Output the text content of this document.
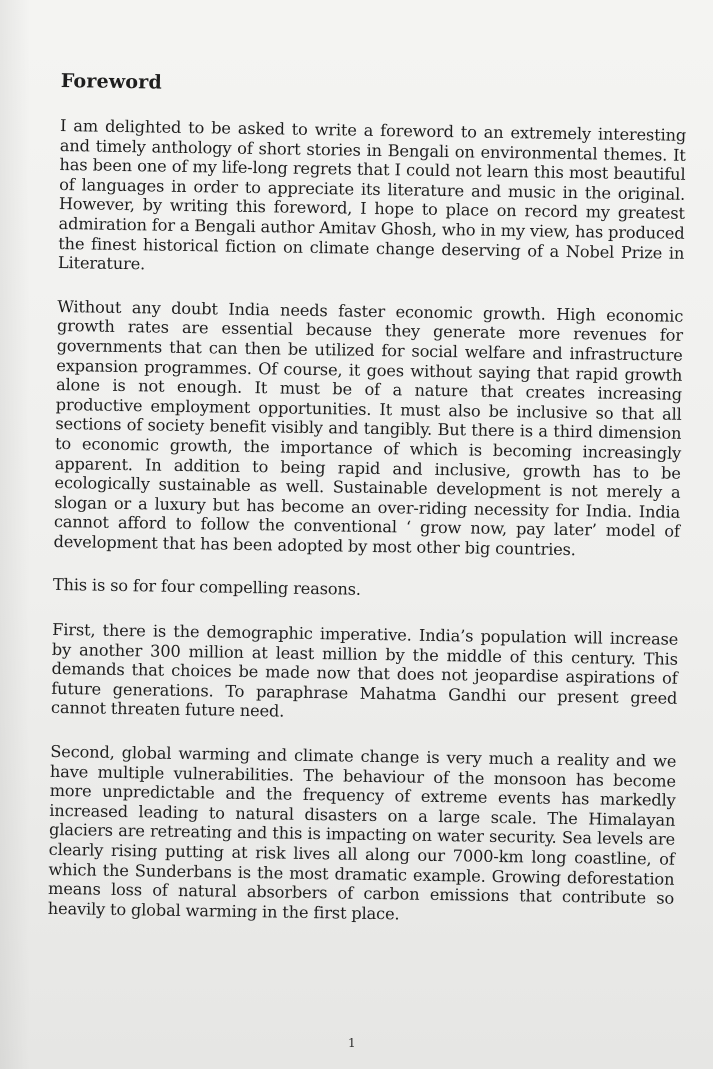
Foreword

I am delighted to be asked to write a foreword to an extremely interesting and timely anthology of short stories in Bengali on environmental themes. It has been one of my life-long regrets that I could not learn this most beautiful of languages in order to appreciate its literature and music in the original. However, by writing this foreword, I hope to place on record my greatest admiration for a Bengali author Amitav Ghosh, who in my view, has produced the finest historical fiction on climate change deserving of a Nobel Prize in Literature.

Without any doubt India needs faster economic growth. High economic growth rates are essential because they generate more revenues for governments that can then be utilized for social welfare and infrastructure expansion programmes. Of course, it goes without saying that rapid growth alone is not enough. It must be of a nature that creates increasing productive employment opportunities. It must also be inclusive so that all sections of society benefit visibly and tangibly. But there is a third dimension to economic growth, the importance of which is becoming increasingly apparent. In addition to being rapid and inclusive, growth has to be ecologically sustainable as well. Sustainable development is not merely a slogan or a luxury but has become an over-riding necessity for India. India cannot afford to follow the conventional ‘ grow now, pay later’ model of development that has been adopted by most other big countries.

This is so for four compelling reasons.

First, there is the demographic imperative. India’s population will increase by another 300 million at least million by the middle of this century. This demands that choices be made now that does not jeopardise aspirations of future generations. To paraphrase Mahatma Gandhi our present greed cannot threaten future need.

Second, global warming and climate change is very much a reality and we have multiple vulnerabilities. The behaviour of the monsoon has become more unpredictable and the frequency of extreme events has markedly increased leading to natural disasters on a large scale. The Himalayan glaciers are retreating and this is impacting on water security. Sea levels are clearly rising putting at risk lives all along our 7000-km long coastline, of which the Sunderbans is the most dramatic example. Growing deforestation means loss of natural absorbers of carbon emissions that contribute so heavily to global warming in the first place.

1
